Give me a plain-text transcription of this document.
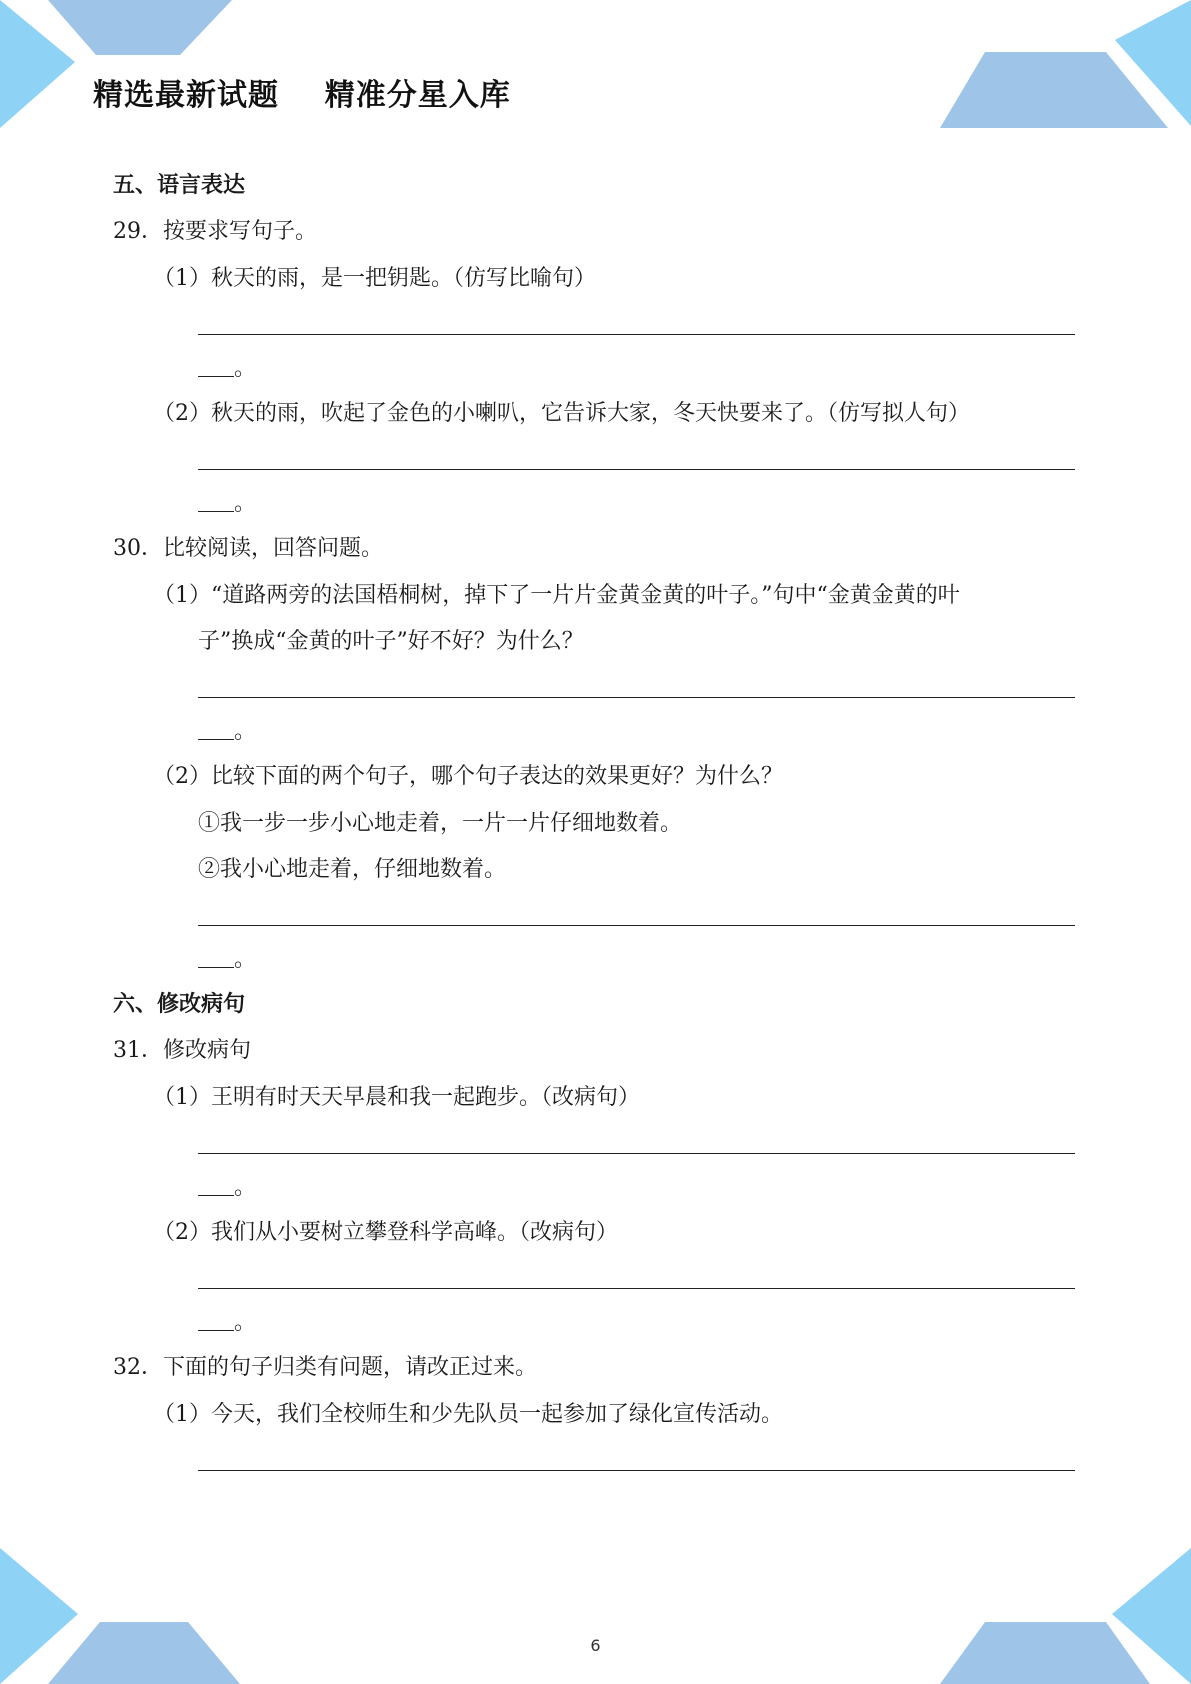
精选最新试题    精准分星入库
五、语言表达
29．按要求写句子。
（1）秋天的雨，是一把钥匙。（仿写比喻句）
。
（2）秋天的雨，吹起了金色的小喇叭，它告诉大家，冬天快要来了。（仿写拟人句）
。
30．比较阅读，回答问题。
（1）“道路两旁的法国梧桐树，掉下了一片片金黄金黄的叶子。”句中“金黄金黄的叶
子”换成“金黄的叶子”好不好？为什么？
。
（2）比较下面的两个句子，哪个句子表达的效果更好？为什么？
①我一步一步小心地走着，一片一片仔细地数着。
②我小心地走着，仔细地数着。
。
六、修改病句
31．修改病句
（1）王明有时天天早晨和我一起跑步。（改病句）
。
（2）我们从小要树立攀登科学高峰。（改病句）
。
32．下面的句子归类有问题，请改正过来。
（1）今天，我们全校师生和少先队员一起参加了绿化宣传活动。
6
